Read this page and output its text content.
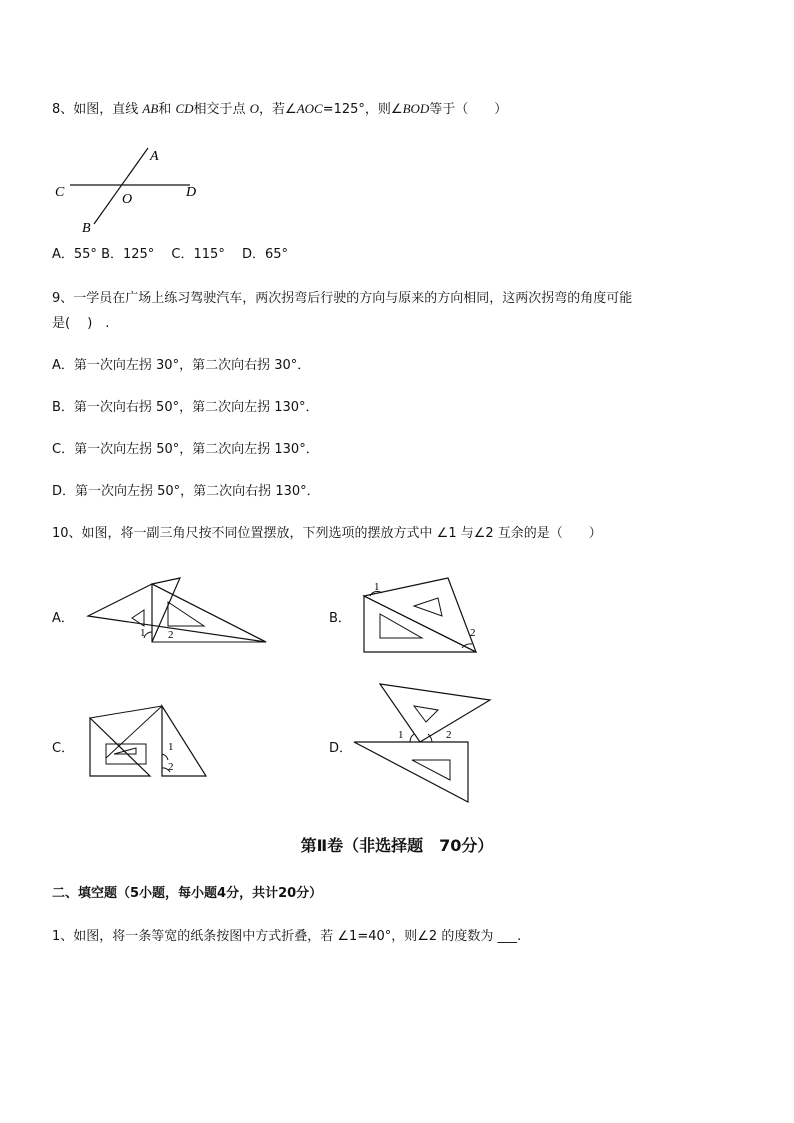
8、如图，直线 AB和 CD相交于点 O，若∠AOC=125°，则∠BOD等于（　　）
A
B
C	D
O
A．55° B．125°　 C．115°　 D．65°
9、一学员在广场上练习驾驶汽车，两次拐弯后行驶的方向与原来的方向相同，这两次拐弯的角度可能
是(　 )　.
A．第一次向左拐 30°，第二次向右拐 30°．
B．第一次向右拐 50°，第二次向左拐 130°．
C．第一次向左拐 50°，第二次向左拐 130°．
D．第一次向左拐 50°，第二次向右拐 130°．
10、如图，将一副三角尺按不同位置摆放，下列选项的摆放方式中 ∠1 与∠2 互余的是（　　）
A．
1 2
B．
1
2
C．	1
2
D．
1	2
第Ⅱ卷（非选择题　70分）
二、填空题（5小题，每小题4分，共计20分）
1、如图，将一条等宽的纸条按图中方式折叠，若 ∠1=40°，则∠2 的度数为 ___.
